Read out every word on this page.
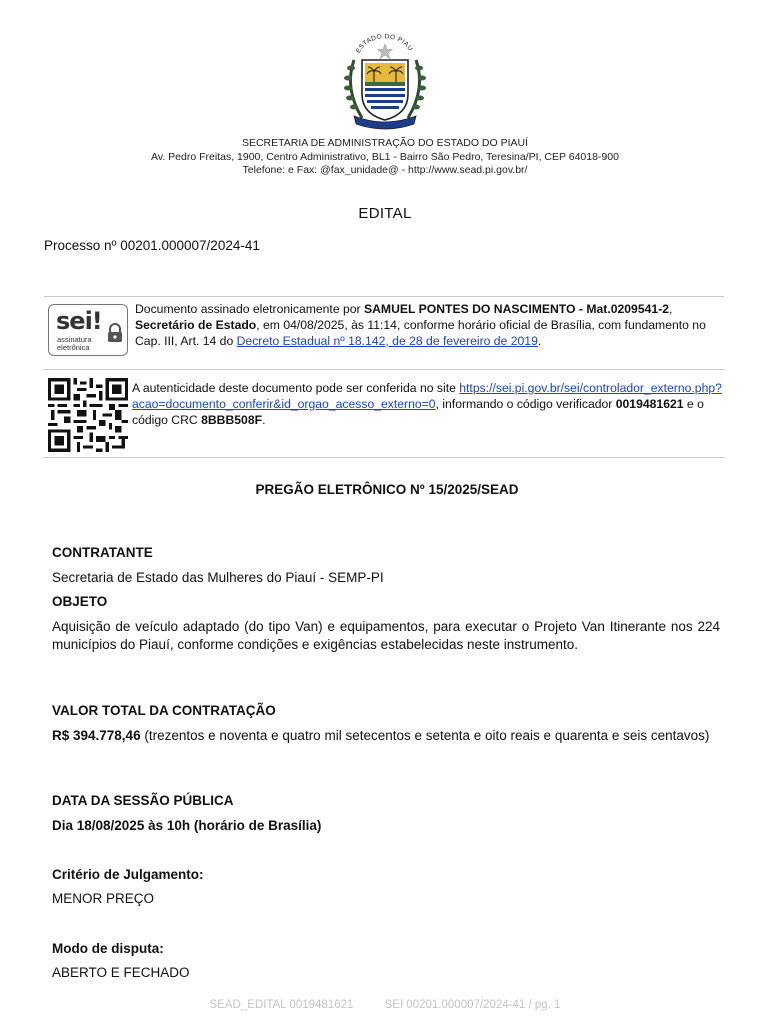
ESTADO DO PIAU
SECRETARIA DE ADMINISTRAÇÃO DO ESTADO DO PIAUÍ
Av. Pedro Freitas, 1900, Centro Administrativo, BL1 - Bairro São Pedro, Teresina/PI, CEP 64018-900
Telefone: e Fax: @fax_unidade@ - http://www.sead.pi.gov.br/
EDITAL
Processo nº 00201.000007/2024-41
sei!
assinatura
eletrônica
Documento assinado eletronicamente por SAMUEL PONTES DO NASCIMENTO - Mat.0209541-2, Secretário de Estado, em 04/08/2025, às 11:14, conforme horário oficial de Brasília, com fundamento no Cap. III, Art. 14 do Decreto Estadual nº 18.142, de 28 de fevereiro de 2019.
A autenticidade deste documento pode ser conferida no site https://sei.pi.gov.br/sei/controlador_externo.php?acao=documento_conferir&id_orgao_acesso_externo=0, informando o código verificador 0019481621 e o código CRC 8BBB508F.
PREGÃO ELETRÔNICO Nº 15/2025/SEAD
CONTRATANTE
Secretaria de Estado das Mulheres do Piauí - SEMP-PI
OBJETO
Aquisição de veículo adaptado (do tipo Van) e equipamentos, para executar o Projeto Van Itinerante nos 224 municípios do Piauí, conforme condições e exigências estabelecidas neste instrumento.
VALOR TOTAL DA CONTRATAÇÃO
R$ 394.778,46 (trezentos e noventa e quatro mil setecentos e setenta e oito reais e quarenta e seis centavos)
DATA DA SESSÃO PÚBLICA
Dia 18/08/2025 às 10h (horário de Brasília)
Critério de Julgamento:
MENOR PREÇO
Modo de disputa:
ABERTO E FECHADO
SEAD_EDITAL 0019481621	SEI 00201.000007/2024-41 / pg. 1
